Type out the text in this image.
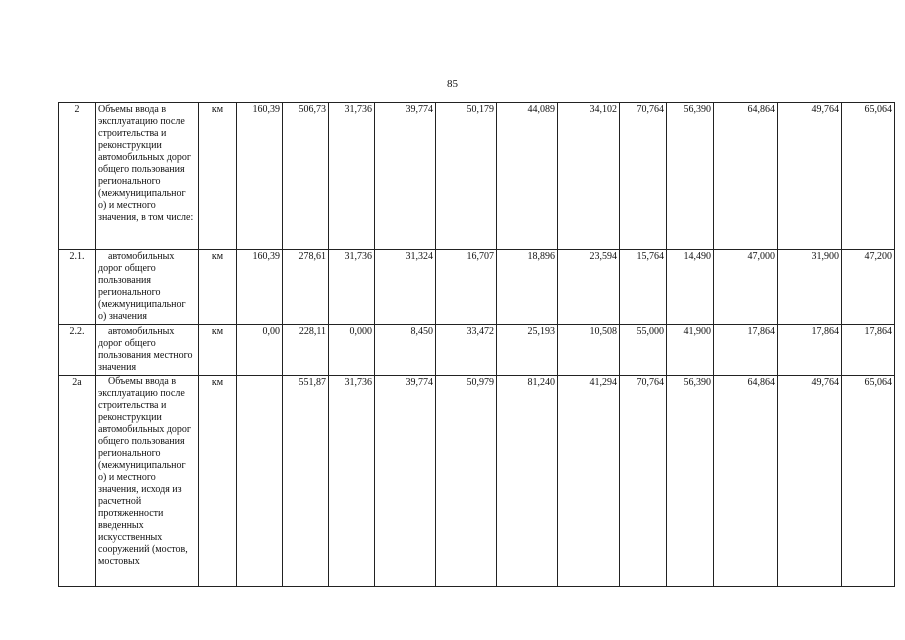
85
2	Объемы ввода в эксплуатацию после строительства и реконструкции автомобильных дорог общего пользования регионального (межмуниципальног о) и местного значения, в том числе:	км	160,39	506,73	31,736	39,774	50,179	44,089	34,102	70,764	56,390	64,864	49,764	65,064
2.1.	автомобильных дорог общего пользования регионального (межмуниципальног о) значения	км	160,39	278,61	31,736	31,324	16,707	18,896	23,594	15,764	14,490	47,000	31,900	47,200
2.2.	автомобильных дорог общего пользования местного значения	км	0,00	228,11	0,000	8,450	33,472	25,193	10,508	55,000	41,900	17,864	17,864	17,864
2а	Объемы ввода в эксплуатацию после строительства и реконструкции автомобильных дорог общего пользования регионального (межмуниципальног о) и местного значения, исходя из расчетной протяженности введенных искусственных сооружений (мостов, мостовых	км		551,87	31,736	39,774	50,979	81,240	41,294	70,764	56,390	64,864	49,764	65,064
